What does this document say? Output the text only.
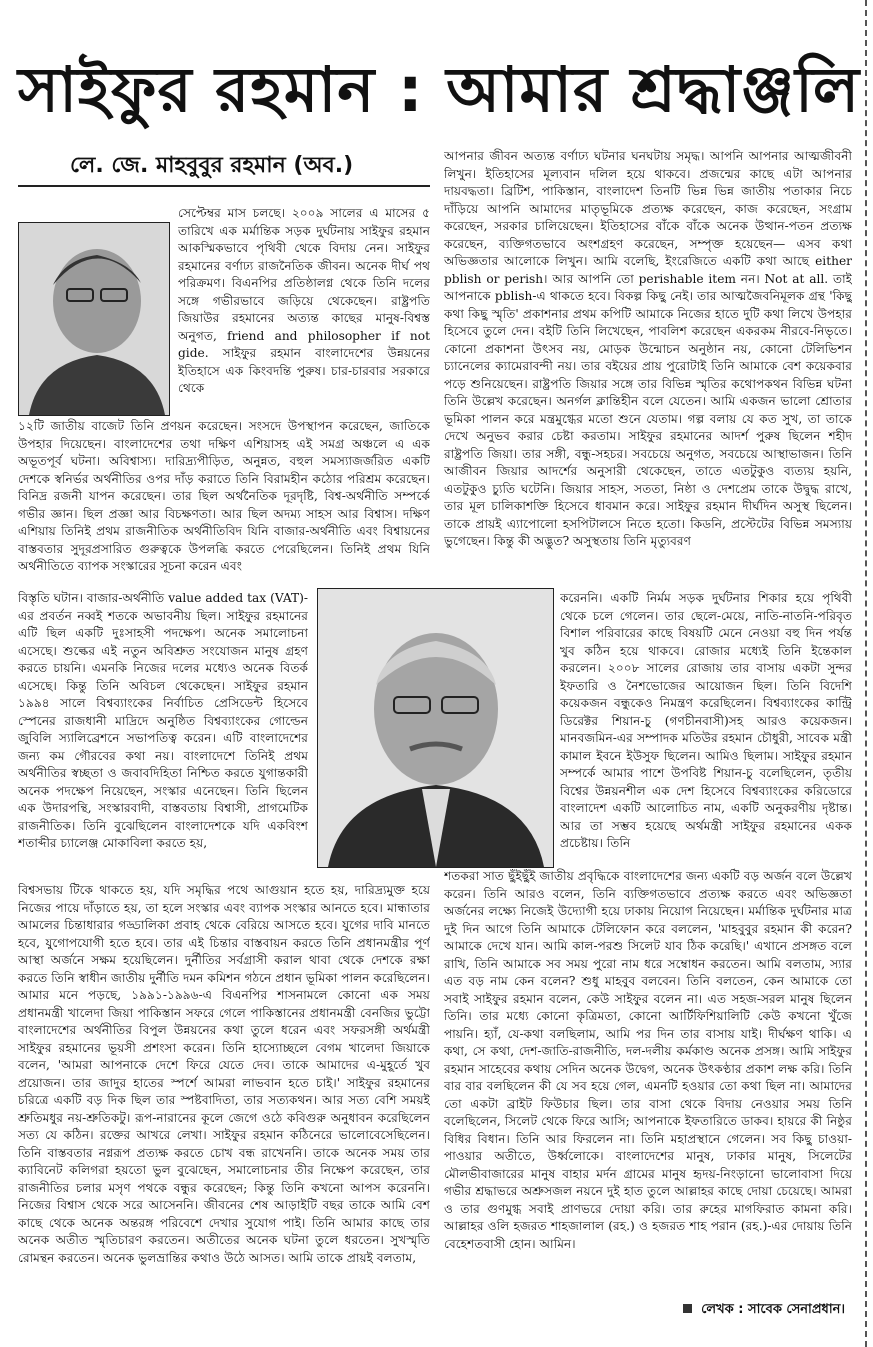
সাইফুর রহমান : আমার শ্রদ্ধাঞ্জলি
লে. জে. মাহবুবুর রহমান (অব.)

সেপ্টেম্বর মাস চলছে। ২০০৯ সালের এ মাসের ৫ তারিখে এক মর্মান্তিক সড়ক দুর্ঘটনায় সাইফুর রহমান আকস্মিকভাবে পৃথিবী থেকে বিদায় নেন। সাইফুর রহমানের বর্ণাঢ্য রাজনৈতিক জীবন। অনেক দীর্ঘ পথ পরিক্রমণ। বিএনপির প্রতিষ্ঠালগ্ন থেকে তিনি দলের সঙ্গে গভীরভাবে জড়িয়ে থেকেছেন। রাষ্ট্রপতি জিয়াউর রহমানের অত্যন্ত কাছের মানুষ-বিশ্বস্ত অনুগত, friend and philosopher if not gide. সাইফুর রহমান বাংলাদেশের উন্নয়নের ইতিহাসে এক কিংবদন্তি পুরুষ। চার-চারবার সরকারে থেকে

১২টি জাতীয় বাজেট তিনি প্রণয়ন করেছেন। সংসদে উপস্থাপন করেছেন, জাতিকে উপহার দিয়েছেন। বাংলাদেশের তথা দক্ষিণ এশিয়াসহ এই সমগ্র অঞ্চলে এ এক অভূতপূর্ব ঘটনা। অবিশ্বাস্য। দারিদ্র্যপীড়িত, অনুন্নত, বহুল সমস্যাজর্জরিত একটি দেশকে স্বনির্ভর অর্থনীতির ওপর দাঁড় করাতে তিনি বিরামহীন কঠোর পরিশ্রম করেছেন। বিনিদ্র রজনী যাপন করেছেন। তার ছিল অর্থনৈতিক দূরদৃষ্টি, বিশ্ব-অর্থনীতি সম্পর্কে গভীর জ্ঞান। ছিল প্রজ্ঞা আর বিচক্ষণতা। আর ছিল অদম্য সাহস আর বিশ্বাস। দক্ষিণ এশিয়ায় তিনিই প্রথম রাজনীতিক অর্থনীতিবিদ যিনি বাজার-অর্থনীতি এবং বিশ্বায়নের বাস্তবতার সুদূরপ্রসারিত গুরুত্বকে উপলব্ধি করতে পেরেছিলেন। তিনিই প্রথম যিনি অর্থনীতিতে ব্যাপক সংস্কারের সূচনা করেন এবং

বিস্তৃতি ঘটান। বাজার-অর্থনীতি value added tax (VAT)-এর প্রবর্তন নব্বই শতকে অভাবনীয় ছিল। সাইফুর রহমানের এটি ছিল একটি দুঃসাহসী পদক্ষেপ। অনেক সমালোচনা এসেছে। শুল্কের এই নতুন অবিশ্রুত সংযোজন মানুষ গ্রহণ করতে চায়নি। এমনকি নিজের দলের মধ্যেও অনেক বিতর্ক এসেছে। কিন্তু তিনি অবিচল থেকেছেন। সাইফুর রহমান ১৯৯৪ সালে বিশ্বব্যাংকের নির্বাচিত প্রেসিডেন্ট হিসেবে স্পেনের রাজধানী মাদ্রিদে অনুষ্ঠিত বিশ্বব্যাংকের গোল্ডেন জুবিলি স্যালিব্রেশনে সভাপতিত্ব করেন। এটি বাংলাদেশের জন্য কম গৌরবের কথা নয়। বাংলাদেশে তিনিই প্রথম অর্থনীতির স্বচ্ছতা ও জবাবদিহিতা নিশ্চিত করতে যুগান্তকারী অনেক পদক্ষেপ নিয়েছেন, সংস্কার এনেছেন। তিনি ছিলেন এক উদারপন্থি, সংস্কারবাদী, বাস্তবতায় বিশ্বাসী, প্রাগমেটিক রাজনীতিক। তিনি বুঝেছিলেন বাংলাদেশকে যদি একবিংশ শতাব্দীর চ্যালেঞ্জ মোকাবিলা করতে হয়,

বিশ্বসভায় টিকে থাকতে হয়, যদি সমৃদ্ধির পথে আগুয়ান হতে হয়, দারিদ্র্যমুক্ত হয়ে নিজের পায়ে দাঁড়াতে হয়, তা হলে সংস্কার এবং ব্যাপক সংস্কার আনতে হবে। মান্ধাতার আমলের চিন্তাধারার গড্ডালিকা প্রবাহ থেকে বেরিয়ে আসতে হবে। যুগের দাবি মানতে হবে, যুগোপযোগী হতে হবে। তার এই চিন্তার বাস্তবায়ন করতে তিনি প্রধানমন্ত্রীর পূর্ণ আস্থা অর্জনে সক্ষম হয়েছিলেন। দুর্নীতির সর্বগ্রাসী করাল থাবা থেকে দেশকে রক্ষা করতে তিনি স্বাধীন জাতীয় দুর্নীতি দমন কমিশন গঠনে প্রধান ভূমিকা পালন করেছিলেন। আমার মনে পড়ছে, ১৯৯১-১৯৯৬-এ বিএনপির শাসনামলে কোনো এক সময় প্রধানমন্ত্রী খালেদা জিয়া পাকিস্তান সফরে গেলে পাকিস্তানের প্রধানমন্ত্রী বেনজির ভুট্টো বাংলাদেশের অর্থনীতির বিপুল উন্নয়নের কথা তুলে ধরেন এবং সফরসঙ্গী অর্থমন্ত্রী সাইফুর রহমানের ভূয়সী প্রশংসা করেন। তিনি হাস্যোচ্ছলে বেগম খালেদা জিয়াকে বলেন, 'আমরা আপনাকে দেশে ফিরে যেতে দেব। তাকে আমাদের এ-মুহূর্তে খুব প্রয়োজন। তার জাদুর হাতের স্পর্শে আমরা লাভবান হতে চাই।' সাইফুর রহমানের চরিত্রে একটি বড় দিক ছিল তার স্পষ্টবাদিতা, তার সত্যকথন। আর সত্য বেশি সময়ই শ্রুতিমধুর নয়-শ্রুতিকটু। রূপ-নারানের কূলে জেগে ওঠে কবিগুরু অনুধাবন করেছিলেন সত্য যে কঠিন। রক্তের আখরে লেখা। সাইফুর রহমান কঠিনেরে ভালোবেসেছিলেন। তিনি বাস্তবতার নগ্নরূপ প্রত্যক্ষ করতে চোখ বন্ধ রাখেননি। তাকে অনেক সময় তার ক্যাবিনেট কলিগরা হয়তো ভুল বুঝেছেন, সমালোচনার তীর নিক্ষেপ করেছেন, তার রাজনীতির চলার মসৃণ পথকে বন্ধুর করেছেন; কিন্তু তিনি কখনো আপস করেননি। নিজের বিশ্বাস থেকে সরে আসেননি। জীবনের শেষ আড়াইটি বছর তাকে আমি বেশ কাছে থেকে অনেক অন্তরঙ্গ পরিবেশে দেখার সুযোগ পাই। তিনি আমার কাছে তার অনেক অতীত স্মৃতিচারণ করতেন। অতীতের অনেক ঘটনা তুলে ধরতেন। সুখস্মৃতি রোমন্থন করতেন। অনেক ভুলভ্রান্তির কথাও উঠে আসত। আমি তাকে প্রায়ই বলতাম,

আপনার জীবন অত্যন্ত বর্ণাঢ্য ঘটনার ঘনঘটায় সমৃদ্ধ। আপনি আপনার আত্মজীবনী লিখুন। ইতিহাসের মূল্যবান দলিল হয়ে থাকবে। প্রজন্মের কাছে এটা আপনার দায়বদ্ধতা। ব্রিটিশ, পাকিস্তান, বাংলাদেশ তিনটি ভিন্ন ভিন্ন জাতীয় পতাকার নিচে দাঁড়িয়ে আপনি আমাদের মাতৃভূমিকে প্রত্যক্ষ করেছেন, কাজ করেছেন, সংগ্রাম করেছেন, সরকার চালিয়েছেন। ইতিহাসের বাঁকে বাঁকে অনেক উত্থান-পতন প্রত্যক্ষ করেছেন, ব্যক্তিগতভাবে অংশগ্রহণ করেছেন, সম্পৃক্ত হয়েছেন— এসব কথা অভিজ্ঞতার আলোকে লিখুন। আমি বলেছি, ইংরেজিতে একটি কথা আছে either pblish or perish। আর আপনি তো perishable item নন। Not at all. তাই আপনাকে pblish-এ থাকতে হবে। বিকল্প কিছু নেই। তার আত্মজৈবনিমূলক গ্রন্থ 'কিছু কথা কিছু স্মৃতি' প্রকাশনার প্রথম কপিটি আমাকে নিজের হাতে দুটি কথা লিখে উপহার হিসেবে তুলে দেন। বইটি তিনি লিখেছেন, পাবলিশ করেছেন একরকম নীরবে-নিভৃতে। কোনো প্রকাশনা উৎসব নয়, মোড়ক উন্মোচন অনুষ্ঠান নয়, কোনো টেলিভিশন চ্যানেলের ক্যামেরাবন্দী নয়। তার বইয়ের প্রায় পুরোটাই তিনি আমাকে বেশ কয়েকবার পড়ে শুনিয়েছেন। রাষ্ট্রপতি জিয়ার সঙ্গে তার বিভিন্ন স্মৃতির কথোপকথন বিভিন্ন ঘটনা তিনি উল্লেখ করেছেন। অনর্গল ক্লান্তিহীন বলে যেতেন। আমি একজন ভালো শ্রোতার ভূমিকা পালন করে মন্ত্রমুগ্ধের মতো শুনে যেতাম। গল্প বলায় যে কত সুখ, তা তাকে দেখে অনুভব করার চেষ্টা করতাম। সাইফুর রহমানের আদর্শ পুরুষ ছিলেন শহীদ রাষ্ট্রপতি জিয়া। তার সঙ্গী, বন্ধু-সহচর। সবচেয়ে অনুগত, সবচেয়ে আস্থাভাজন। তিনি আজীবন জিয়ার আদর্শের অনুসারী থেকেছেন, তাতে এতটুকুও ব্যত্যয় হয়নি, এতটুকুও চ্যুতি ঘটেনি। জিয়ার সাহস, সততা, নিষ্ঠা ও দেশপ্রেম তাকে উদ্বুদ্ধ রাখে, তার মূল চালিকাশক্তি হিসেবে ধাবমান করে। সাইফুর রহমান দীর্ঘদিন অসুস্থ ছিলেন। তাকে প্রায়ই এ্যাপোলো হসপিটালসে নিতে হতো। কিডনি, প্রস্টেটের বিভিন্ন সমস্যায় ভুগেছেন। কিন্তু কী অদ্ভুত? অসুস্থতায় তিনি মৃত্যুবরণ

করেননি। একটি নির্মম সড়ক দুর্ঘটনার শিকার হয়ে পৃথিবী থেকে চলে গেলেন। তার ছেলে-মেয়ে, নাতি-নাতনি-পরিবৃত বিশাল পরিবারের কাছে বিষয়টি মেনে নেওয়া বহু দিন পর্যন্ত খুব কঠিন হয়ে থাকবে। রোজার মধ্যেই তিনি ইন্তেকাল করলেন। ২০০৮ সালের রোজায় তার বাসায় একটা সুন্দর ইফতারি ও নৈশভোজের আয়োজন ছিল। তিনি বিদেশি কয়েকজন বন্ধুকেও নিমন্ত্রণ করেছিলেন। বিশ্বব্যাংকের কান্ট্রি ডিরেক্টর শিয়ান-চু (গণচীনবাসী)সহ আরও কয়েকজন। মানবজমিন-এর সম্পাদক মতিউর রহমান চৌধুরী, সাবেক মন্ত্রী কামাল ইবনে ইউসুফ ছিলেন। আমিও ছিলাম। সাইফুর রহমান সম্পর্কে আমার পাশে উপবিষ্ট শিয়ান-চু বলেছিলেন, তৃতীয় বিশ্বের উন্নয়নশীল এক দেশ হিসেবে বিশ্বব্যাংকের করিডোরে বাংলাদেশ একটি আলোচিত নাম, একটি অনুকরণীয় দৃষ্টান্ত। আর তা সম্ভব হয়েছে অর্থমন্ত্রী সাইফুর রহমানের একক প্রচেষ্টায়। তিনি

শতকরা সাত ছুঁইছুঁই জাতীয় প্রবৃদ্ধিকে বাংলাদেশের জন্য একটি বড় অর্জন বলে উল্লেখ করেন। তিনি আরও বলেন, তিনি ব্যক্তিগতভাবে প্রত্যক্ষ করতে এবং অভিজ্ঞতা অর্জনের লক্ষ্যে নিজেই উদ্যোগী হয়ে ঢাকায় নিয়োগ নিয়েছেন। মর্মান্তিক দুর্ঘটনার মাত্র দুই দিন আগে তিনি আমাকে টেলিফোন করে বললেন, 'মাহবুবুর রহমান কী করেন? আমাকে দেখে যান। আমি কাল-পরশু সিলেট যাব ঠিক করেছি।' এখানে প্রসঙ্গত বলে রাখি, তিনি আমাকে সব সময় পুরো নাম ধরে সম্বোধন করতেন। আমি বলতাম, স্যার এত বড় নাম কেন বলেন? শুধু মাহবুব বলবেন। তিনি বলতেন, কেন আমাকে তো সবাই সাইফুর রহমান বলেন, কেউ সাইফুর বলেন না। এত সহজ-সরল মানুষ ছিলেন তিনি। তার মধ্যে কোনো কৃত্রিমতা, কোনো আর্টিফিশিয়ালিটি কেউ কখনো খুঁজে পায়নি। হ্যাঁ, যে-কথা বলছিলাম, আমি পর দিন তার বাসায় যাই। দীর্ঘক্ষণ থাকি। এ কথা, সে কথা, দেশ-জাতি-রাজনীতি, দল-দলীয় কর্মকাণ্ড অনেক প্রসঙ্গ। আমি সাইফুর রহমান সাহেবের কথায় সেদিন অনেক উদ্বেগ, অনেক উৎকণ্ঠার প্রকাশ লক্ষ করি। তিনি বার বার বলছিলেন কী যে সব হয়ে গেল, এমনটি হওয়ার তো কথা ছিল না। আমাদের তো একটা ব্রাইট ফিউচার ছিল। তার বাসা থেকে বিদায় নেওয়ার সময় তিনি বলেছিলেন, সিলেট থেকে ফিরে আসি; আপনাকে ইফতারিতে ডাকব। হায়রে কী নিষ্ঠুর বিধির বিধান। তিনি আর ফিরলেন না। তিনি মহাপ্রস্থানে গেলেন। সব কিছু চাওয়া-পাওয়ার অতীতে, উর্ধ্বলোকে। বাংলাদেশের মানুষ, ঢাকার মানুষ, সিলেটের মৌলভীবাজারের মানুষ বাহার মর্দন গ্রামের মানুষ হৃদয়-নিংড়ানো ভালোবাসা দিয়ে গভীর শ্রদ্ধাভরে অশ্রুসজল নয়নে দুই হাত তুলে আল্লাহর কাছে দোয়া চেয়েছে। আমরা ও তার গুণমুগ্ধ সবাই প্রাণভরে দোয়া করি। তার রুহের মাগফিরাত কামনা করি। আল্লাহর ওলি হজরত শাহজালাল (রহ.) ও হজরত শাহ পরান (রহ.)-এর দোয়ায় তিনি বেহেশতবাসী হোন। আমিন।

লেখক : সাবেক সেনাপ্রধান।
